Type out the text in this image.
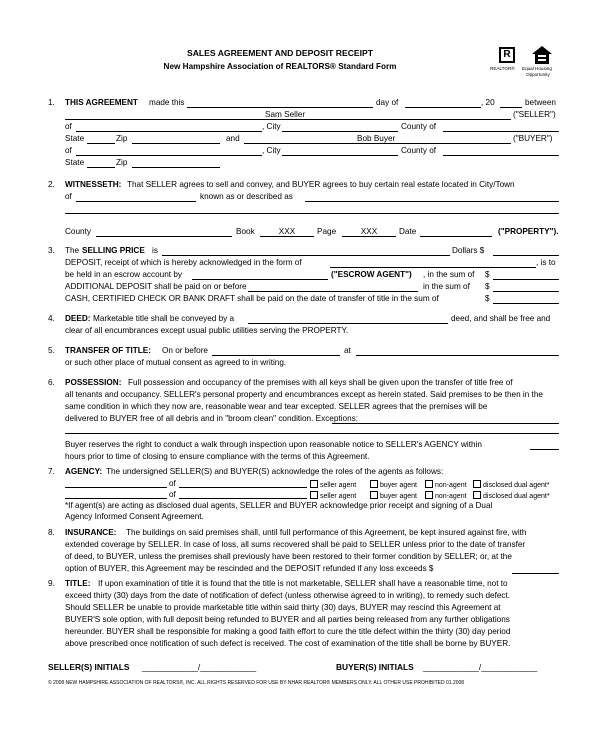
SALES AGREEMENT AND DEPOSIT RECEIPT
New Hampshire Association of REALTORS® Standard Form
R
REALTOR® Equal Housing
Opportunity
1. THIS AGREEMENT made this	day of	, 20	between
Sam Seller	("SELLER")
of	, City	County of
State	Zip	and	Bob Buyer	("BUYER")
of	, City	County of
State	Zip
2. WITNESSETH: That SELLER agrees to sell and convey, and BUYER agrees to buy certain real estate located in City/Town
of	known as or described as
County	Book	XXX	Page	XXX	Date	("PROPERTY").
3. The SELLING PRICE is	Dollars $
DEPOSIT, receipt of which is hereby acknowledged in the form of	, is to
be held in an escrow account by	("ESCROW AGENT") , in the sum of $
ADDITIONAL DEPOSIT shall be paid on or before	in the sum of $
CASH, CERTIFIED CHECK OR BANK DRAFT shall be paid on the date of transfer of title in the sum of	$
4. DEED: Marketable title shall be conveyed by a	deed, and shall be free and
clear of all encumbrances except usual public utilities serving the PROPERTY.
5. TRANSFER OF TITLE: On or before	at
or such other place of mutual consent as agreed to in writing.
6. POSSESSION: Full possession and occupancy of the premises with all keys shall be given upon the transfer of title free of
all tenants and occupancy. SELLER's personal property and encumbrances except as herein stated. Said premises to be then in the
same condition in which they now are, reasonable wear and tear excepted. SELLER agrees that the premises will be
delivered to BUYER free of all debris and in "broom clean" condition. Exceptions:
Buyer reserves the right to conduct a walk through inspection upon reasonable notice to SELLER's AGENCY within
hours prior to time of closing to ensure compliance with the terms of this Agreement.
7. AGENCY: The undersigned SELLER(S) and BUYER(S) acknowledge the roles of the agents as follows:
of	seller agent	buyer agent	non-agent	disclosed dual agent*
of	seller agent	buyer agent	non-agent	disclosed dual agent*
*If agent(s) are acting as disclosed dual agents, SELLER and BUYER acknowledge prior receipt and signing of a Dual
Agency Informed Consent Agreement.
8. INSURANCE: The buildings on said premises shall, until full performance of this Agreement, be kept insured against fire, with
extended coverage by SELLER. In case of loss, all sums recovered shall be paid to SELLER unless prior to the date of transfer
of deed, to BUYER, unless the premises shall previously have been restored to their former condition by SELLER; or, at the
option of BUYER, this Agreement may be rescinded and the DEPOSIT refunded if any loss exceeds $
9. TITLE: If upon examination of title it is found that the title is not marketable, SELLER shall have a reasonable time, not to
exceed thirty (30) days from the date of notification of defect (unless otherwise agreed to in writing), to remedy such defect.
Should SELLER be unable to provide marketable title within said thirty (30) days, BUYER may rescind this Agreement at
BUYER'S sole option, with full deposit being refunded to BUYER and all parties being released from any further obligations
hereunder. BUYER shall be responsible for making a good faith effort to cure the title defect within the thirty (30) day period
above prescribed once notification of such defect is received. The cost of examination of the title shall be borne by BUYER.
SELLER(S) INITIALS ____________/____________	BUYER(S) INITIALS ____________/____________
© 2008 NEW HAMPSHIRE ASSOCIATION OF REALTORS®, INC. ALL RIGHTS RESERVED FOR USE BY NHAR REALTOR® MEMBERS ONLY. ALL OTHER USE PROHIBITED 01.2008
